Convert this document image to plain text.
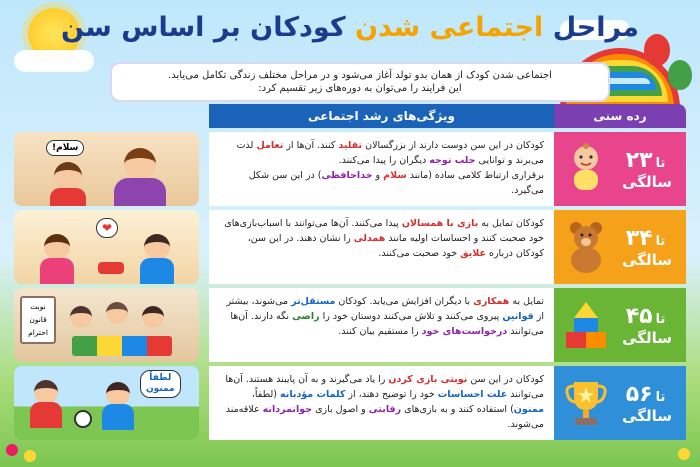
مراحل اجتماعی شدن کودکان بر اساس سن
اجتماعی شدن کودک از همان بدو تولد آغاز می‌شود و در مراحل مختلف زندگی تکامل می‌یابد.
این فرایند را می‌توان به دوره‌های زیر تقسیم کرد:
رده سنی
ویژگی‌های رشد اجتماعی
۲ تا۳
سالگی
کودکان در این سن دوست دارند از بزرگسالان تقلید کنند. آن‌ها از تعامل لذت می‌برند و توانایی جلب توجه دیگران را پیدا می‌کنند.
برقراری ارتباط کلامی ساده (مانند سلام و خداحافظی) در این سن شکل می‌گیرد.
سلام!
۳ تا۴
سالگی
کودکان تمایل به بازی با همسالان پیدا می‌کنند. آن‌ها می‌توانند با اسباب‌بازی‌های خود صحبت کنند و احساسات اولیه مانند همدلی را نشان دهند. در این سن، کودکان درباره علایق خود صحبت می‌کنند.
❤
۴ تا۵
سالگی
تمایل به همکاری با دیگران افزایش می‌یابد. کودکان مستقل‌تر می‌شوند، بیشتر از قوانین پیروی می‌کنند و تلاش می‌کنند دوستان خود را راضی نگه دارند. آن‌ها می‌توانند درخواست‌های خود را مستقیم بیان کنند.
نوبت
قانون
احترام
۵ تا۶
سالگی
کودکان در این سن نوبتی بازی کردن را یاد می‌گیرند و به آن پایبند هستند. آن‌ها می‌توانند علت احساسات خود را توضیح دهند، از کلمات مؤدبانه (لطفاً، ممنون) استفاده کنند و به بازی‌های رقابتی و اصول بازی جوانمردانه علاقه‌مند می‌شوند.
لطفاً
ممنون
